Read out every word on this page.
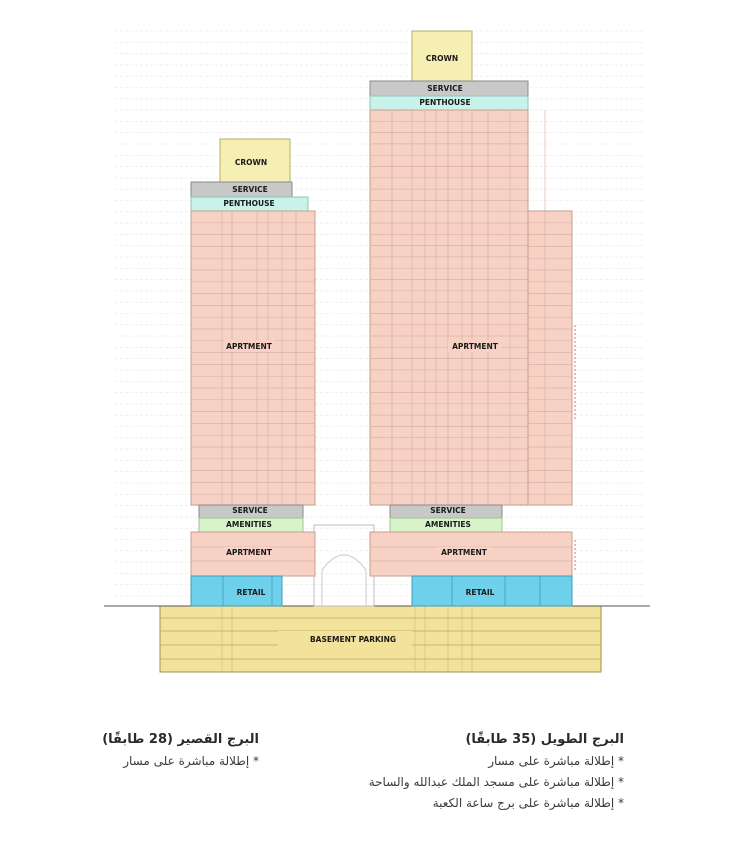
BASEMENT PARKING
CROWN
SERVICE
PENTHOUSE
APRTMENT
SERVICE
AMENITIES
APRTMENT
RETAIL
CROWN
SERVICE
PENTHOUSE
APRTMENT
SERVICE
AMENITIES
APRTMENT
RETAIL
البرج الطويل (35 طابقًا)
* إطلالة مباشرة على مسار
* إطلالة مباشرة على مسجد الملك عبدالله والساحة
* إطلالة مباشرة على برج ساعة الكعبة
البرج القصير (28 طابقًا)
* إطلالة مباشرة على مسار
